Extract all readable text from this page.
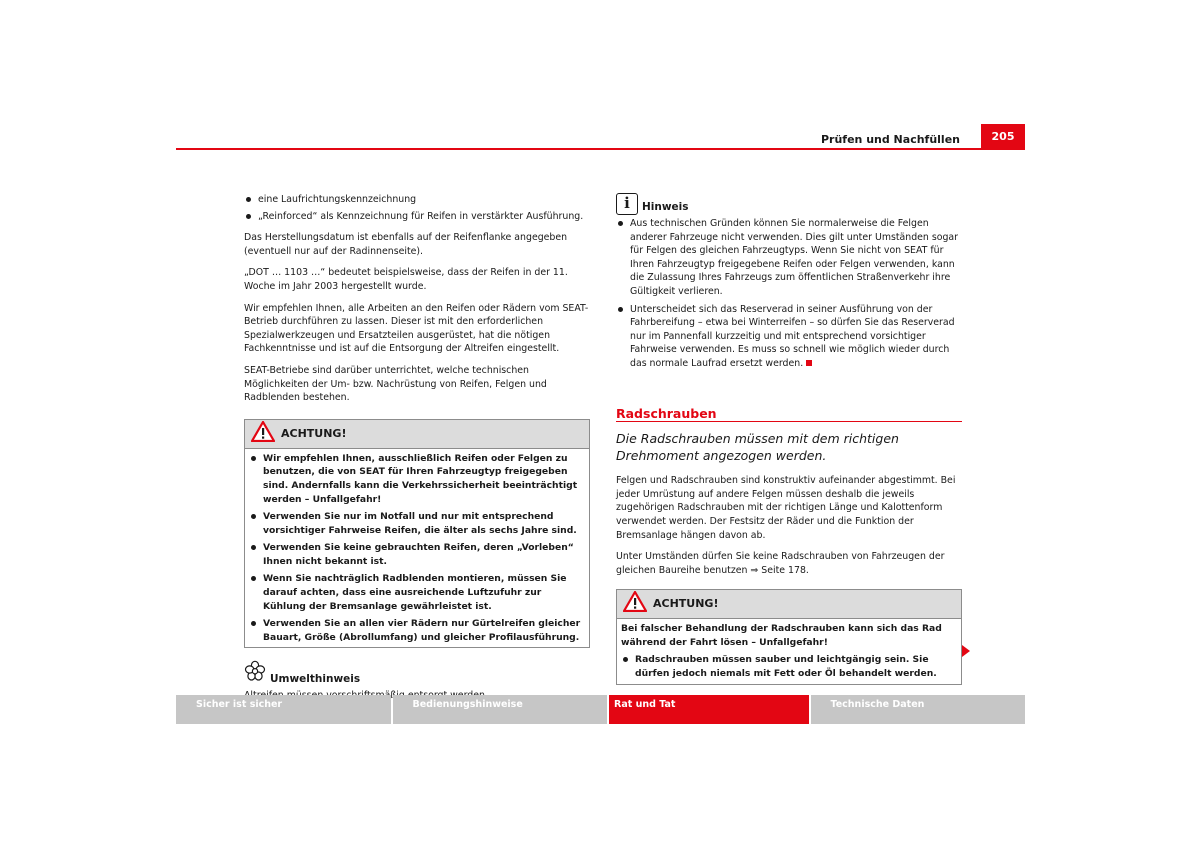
Prüfen und Nachfüllen	205
eine Laufrichtungskennzeichnung
„Reinforced“ als Kennzeichnung für Reifen in verstärkter Ausführung.

Das Herstellungsdatum ist ebenfalls auf der Reifenflanke angegeben (eventuell nur auf der Radinnenseite).

„DOT … 1103 …“ bedeutet beispielsweise, dass der Reifen in der 11. Woche im Jahr 2003 hergestellt wurde.

Wir empfehlen Ihnen, alle Arbeiten an den Reifen oder Rädern vom SEAT-Betrieb durchführen zu lassen. Dieser ist mit den erforderlichen Spezialwerkzeugen und Ersatzteilen ausgerüstet, hat die nötigen Fachkenntnisse und ist auf die Entsorgung der Altreifen eingestellt.

SEAT-Betriebe sind darüber unterrichtet, welche technischen Möglichkeiten der Um- bzw. Nachrüstung von Reifen, Felgen und Radblenden bestehen.

ACHTUNG!
Wir empfehlen Ihnen, ausschließlich Reifen oder Felgen zu benutzen, die von SEAT für Ihren Fahrzeugtyp freigegeben sind. Andernfalls kann die Verkehrssicherheit beeinträchtigt werden – Unfallgefahr!
Verwenden Sie nur im Notfall und nur mit entsprechend vorsichtiger Fahrweise Reifen, die älter als sechs Jahre sind.
Verwenden Sie keine gebrauchten Reifen, deren „Vorleben“ Ihnen nicht bekannt ist.
Wenn Sie nachträglich Radblenden montieren, müssen Sie darauf achten, dass eine ausreichende Luftzufuhr zur Kühlung der Bremsanlage gewährleistet ist.
Verwenden Sie an allen vier Rädern nur Gürtelreifen gleicher Bauart, Größe (Abrollumfang) und gleicher Profilausführung.
Umwelthinweis
i	Hinweis
Aus technischen Gründen können Sie normalerweise die Felgen anderer Fahrzeuge nicht verwenden. Dies gilt unter Umständen sogar für Felgen des gleichen Fahrzeugtyps. Wenn Sie nicht von SEAT für Ihren Fahrzeugtyp freigegebene Reifen oder Felgen verwenden, kann die Zulassung Ihres Fahrzeugs zum öffentlichen Straßenverkehr ihre Gültigkeit verlieren.
Unterscheidet sich das Reserverad in seiner Ausführung von der Fahrbereifung – etwa bei Winterreifen – so dürfen Sie das Reserverad nur im Pannenfall kurzzeitig und mit entsprechend vorsichtiger Fahrweise verwenden. Es muss so schnell wie möglich wieder durch das normale Laufrad ersetzt werden.
Radschrauben

Die Radschrauben müssen mit dem richtigen Drehmoment angezogen werden.

Felgen und Radschrauben sind konstruktiv aufeinander abgestimmt. Bei jeder Umrüstung auf andere Felgen müssen deshalb die jeweils zugehörigen Radschrauben mit der richtigen Länge und Kalottenform verwendet werden. Der Festsitz der Räder und die Funktion der Bremsanlage hängen davon ab.

Unter Umständen dürfen Sie keine Radschrauben von Fahrzeugen der gleichen Baureihe benutzen ⇒ Seite 178.

ACHTUNG!
Bei falscher Behandlung der Radschrauben kann sich das Rad während der Fahrt lösen – Unfallgefahr!
Radschrauben müssen sauber und leichtgängig sein. Sie dürfen jedoch niemals mit Fett oder Öl behandelt werden.
Sicher ist sicher	Bedienungshinweise	Rat und Tat	Technische Daten
